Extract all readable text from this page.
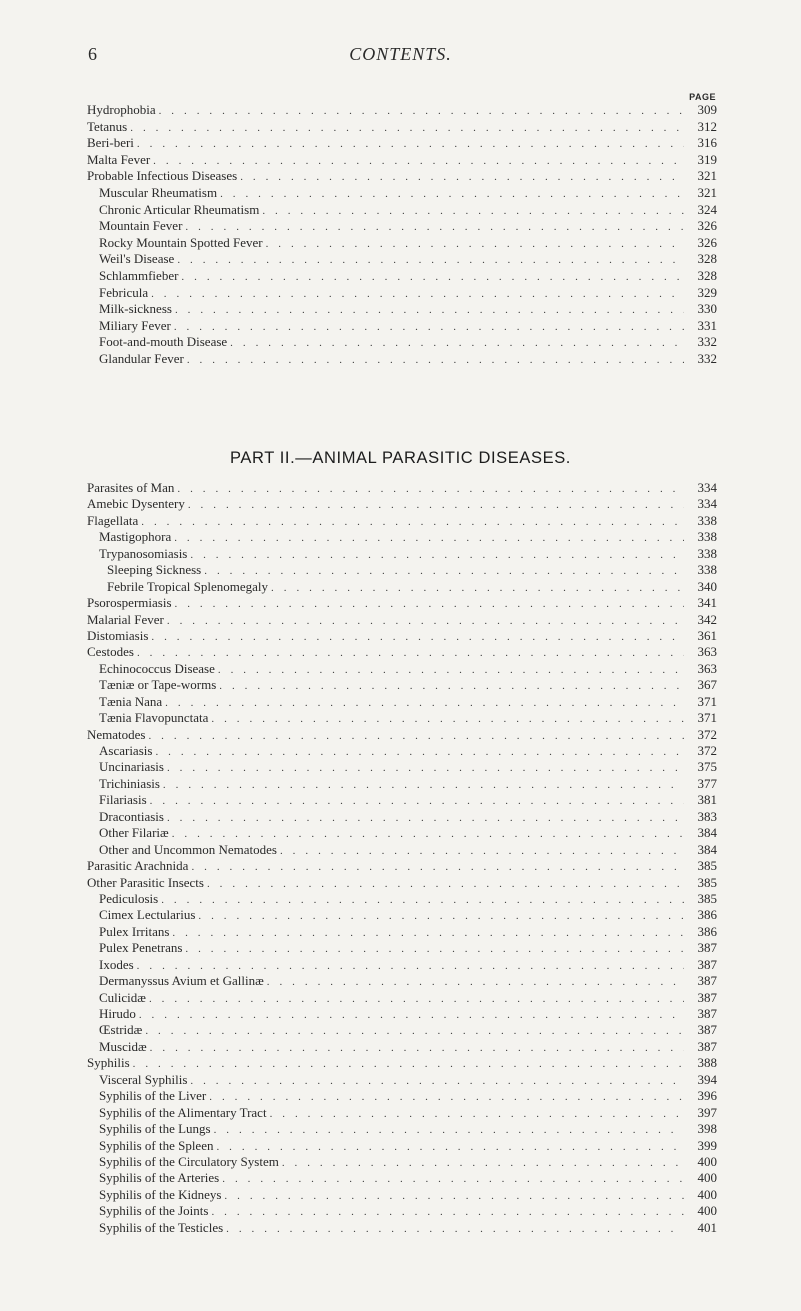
6	CONTENTS.
PAGE
Hydrophobia . . .	309
Tetanus . . .	312
Beri-beri . . .	316
Malta Fever . . .	319
Probable Infectious Diseases . . .	321
Muscular Rheumatism . . .	321
Chronic Articular Rheumatism . . .	324
Mountain Fever . . .	326
Rocky Mountain Spotted Fever . . .	326
Weil's Disease . . .	328
Schlammfieber . . .	328
Febricula . . .	329
Milk-sickness . . .	330
Miliary Fever . . .	331
Foot-and-mouth Disease . . .	332
Glandular Fever . . .	332
PART II.—ANIMAL PARASITIC DISEASES.
Parasites of Man . . .	334
Amebic Dysentery . . .	334
Flagellata . . .	338
Mastigophora . . .	338
Trypanosomiasis . . .	338
Sleeping Sickness . . .	338
Febrile Tropical Splenomegaly . . .	340
Psorospermiasis . . .	341
Malarial Fever . . .	342
Distomiasis . . .	361
Cestodes . . .	363
Echinococcus Disease . . .	363
Tæniæ or Tape-worms . . .	367
Tænia Nana . . .	371
Tænia Flavopunctata . . .	371
Nematodes . . .	372
Ascariasis . . .	372
Uncinariasis . . .	375
Trichiniasis . . .	377
Filariasis . . .	381
Dracontiasis . . .	383
Other Filariæ . . .	384
Other and Uncommon Nematodes . . .	384
Parasitic Arachnida . . .	385
Other Parasitic Insects . . .	385
Pediculosis . . .	385
Cimex Lectularius . . .	386
Pulex Irritans . . .	386
Pulex Penetrans . . .	387
Ixodes . . .	387
Dermanyssus Avium et Gallinæ . . .	387
Culicidæ . . .	387
Hirudo . . .	387
Œstridæ . . .	387
Muscidæ . . .	387
Syphilis . . .	388
Visceral Syphilis . . .	394
Syphilis of the Liver . . .	396
Syphilis of the Alimentary Tract . . .	397
Syphilis of the Lungs . . .	398
Syphilis of the Spleen . . .	399
Syphilis of the Circulatory System . . .	400
Syphilis of the Arteries . . .	400
Syphilis of the Kidneys . . .	400
Syphilis of the Joints . . .	400
Syphilis of the Testicles . . .	401
